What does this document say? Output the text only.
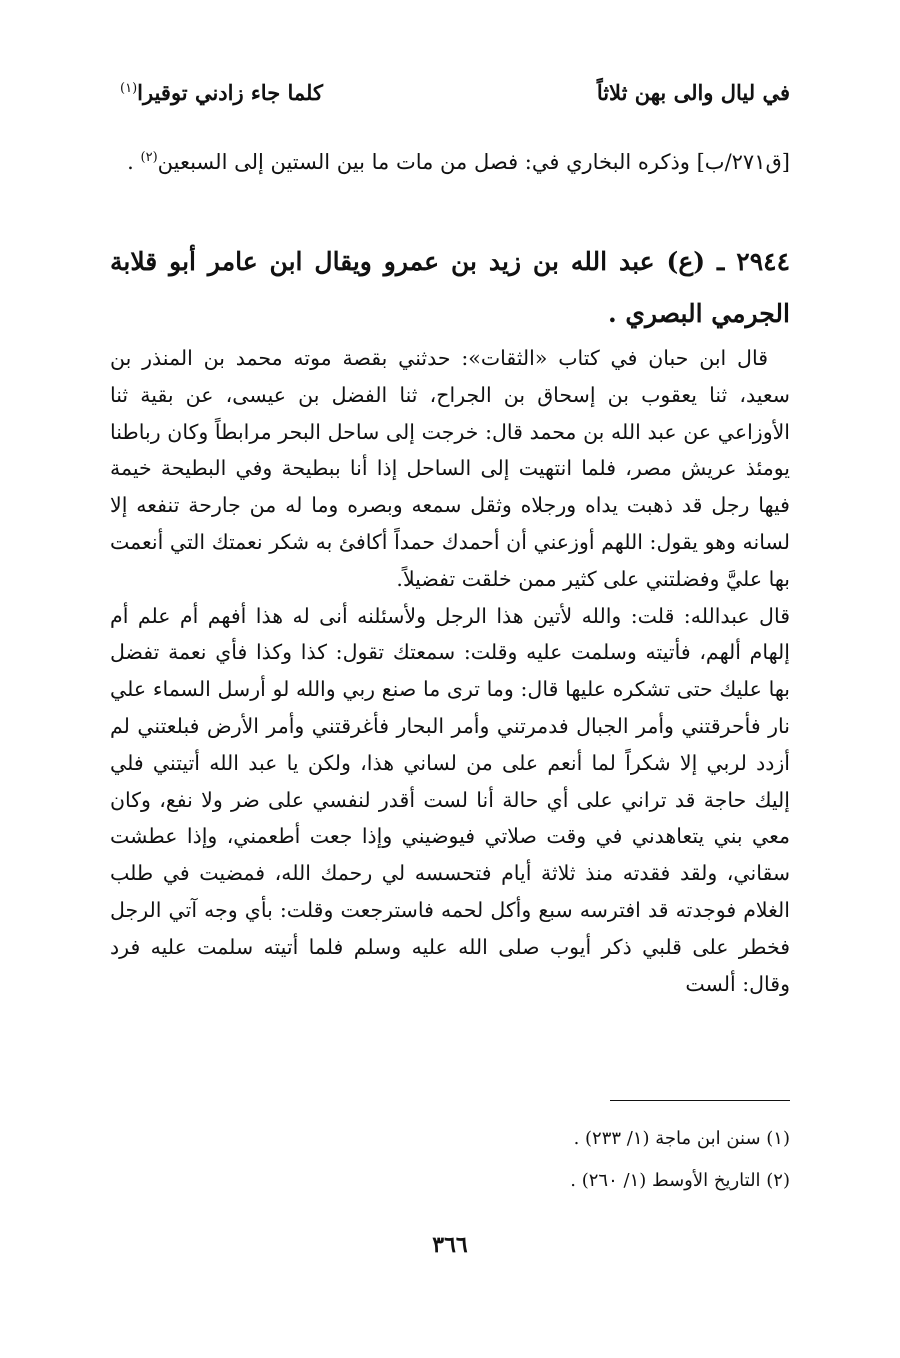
في ليال والى بهن ثلاثاً
كلما جاء زادني توقيرا$^{(١)}$
[ق٢٧١/ب] وذكره البخاري في: فصل من مات ما بين الستين إلى السبعين$^{(٢)}$ .
٢٩٤٤ ـ (ع) عبد الله بن زيد بن عمرو ويقال ابن عامر أبو قلابة الجرمي البصري .

قال ابن حبان في كتاب «الثقات»: حدثني بقصة موته محمد بن المنذر بن سعيد، ثنا يعقوب بن إسحاق بن الجراح، ثنا الفضل بن عيسى، عن بقية ثنا الأوزاعي عن عبد الله بن محمد قال: خرجت إلى ساحل البحر مرابطاً وكان رباطنا يومئذ عريش مصر، فلما انتهيت إلى الساحل إذا أنا ببطيحة وفي البطيحة خيمة فيها رجل قد ذهبت يداه ورجلاه وثقل سمعه وبصره وما له من جارحة تنفعه إلا لسانه وهو يقول: اللهم أوزعني أن أحمدك حمداً أكافئ به شكر نعمتك التي أنعمت بها عليَّ وفضلتني على كثير ممن خلقت تفضيلاً.

قال عبدالله: قلت: والله لأتين هذا الرجل ولأسئلنه أنى له هذا أفهم أم علم أم إلهام ألهم، فأتيته وسلمت عليه وقلت: سمعتك تقول: كذا وكذا فأي نعمة تفضل بها عليك حتى تشكره عليها قال: وما ترى ما صنع ربي والله لو أرسل السماء علي نار فأحرقتني وأمر الجبال فدمرتني وأمر البحار فأغرقتني وأمر الأرض فبلعتني لم أزدد لربي إلا شكراً لما أنعم على من لساني هذا، ولكن يا عبد الله أتيتني فلي إليك حاجة قد تراني على أي حالة أنا لست أقدر لنفسي على ضر ولا نفع، وكان معي بني يتعاهدني في وقت صلاتي فيوضيني وإذا جعت أطعمني، وإذا عطشت سقاني، ولقد فقدته منذ ثلاثة أيام فتحسسه لي رحمك الله، فمضيت في طلب الغلام فوجدته قد افترسه سبع وأكل لحمه فاسترجعت وقلت: بأي وجه آتي الرجل فخطر على قلبي ذكر أيوب صلى الله عليه وسلم فلما أتيته سلمت عليه فرد وقال: ألست

(١) سنن ابن ماجة (١/ ٢٣٣) .
(٢) التاريخ الأوسط (١/ ٢٦٠) .
٣٦٦
